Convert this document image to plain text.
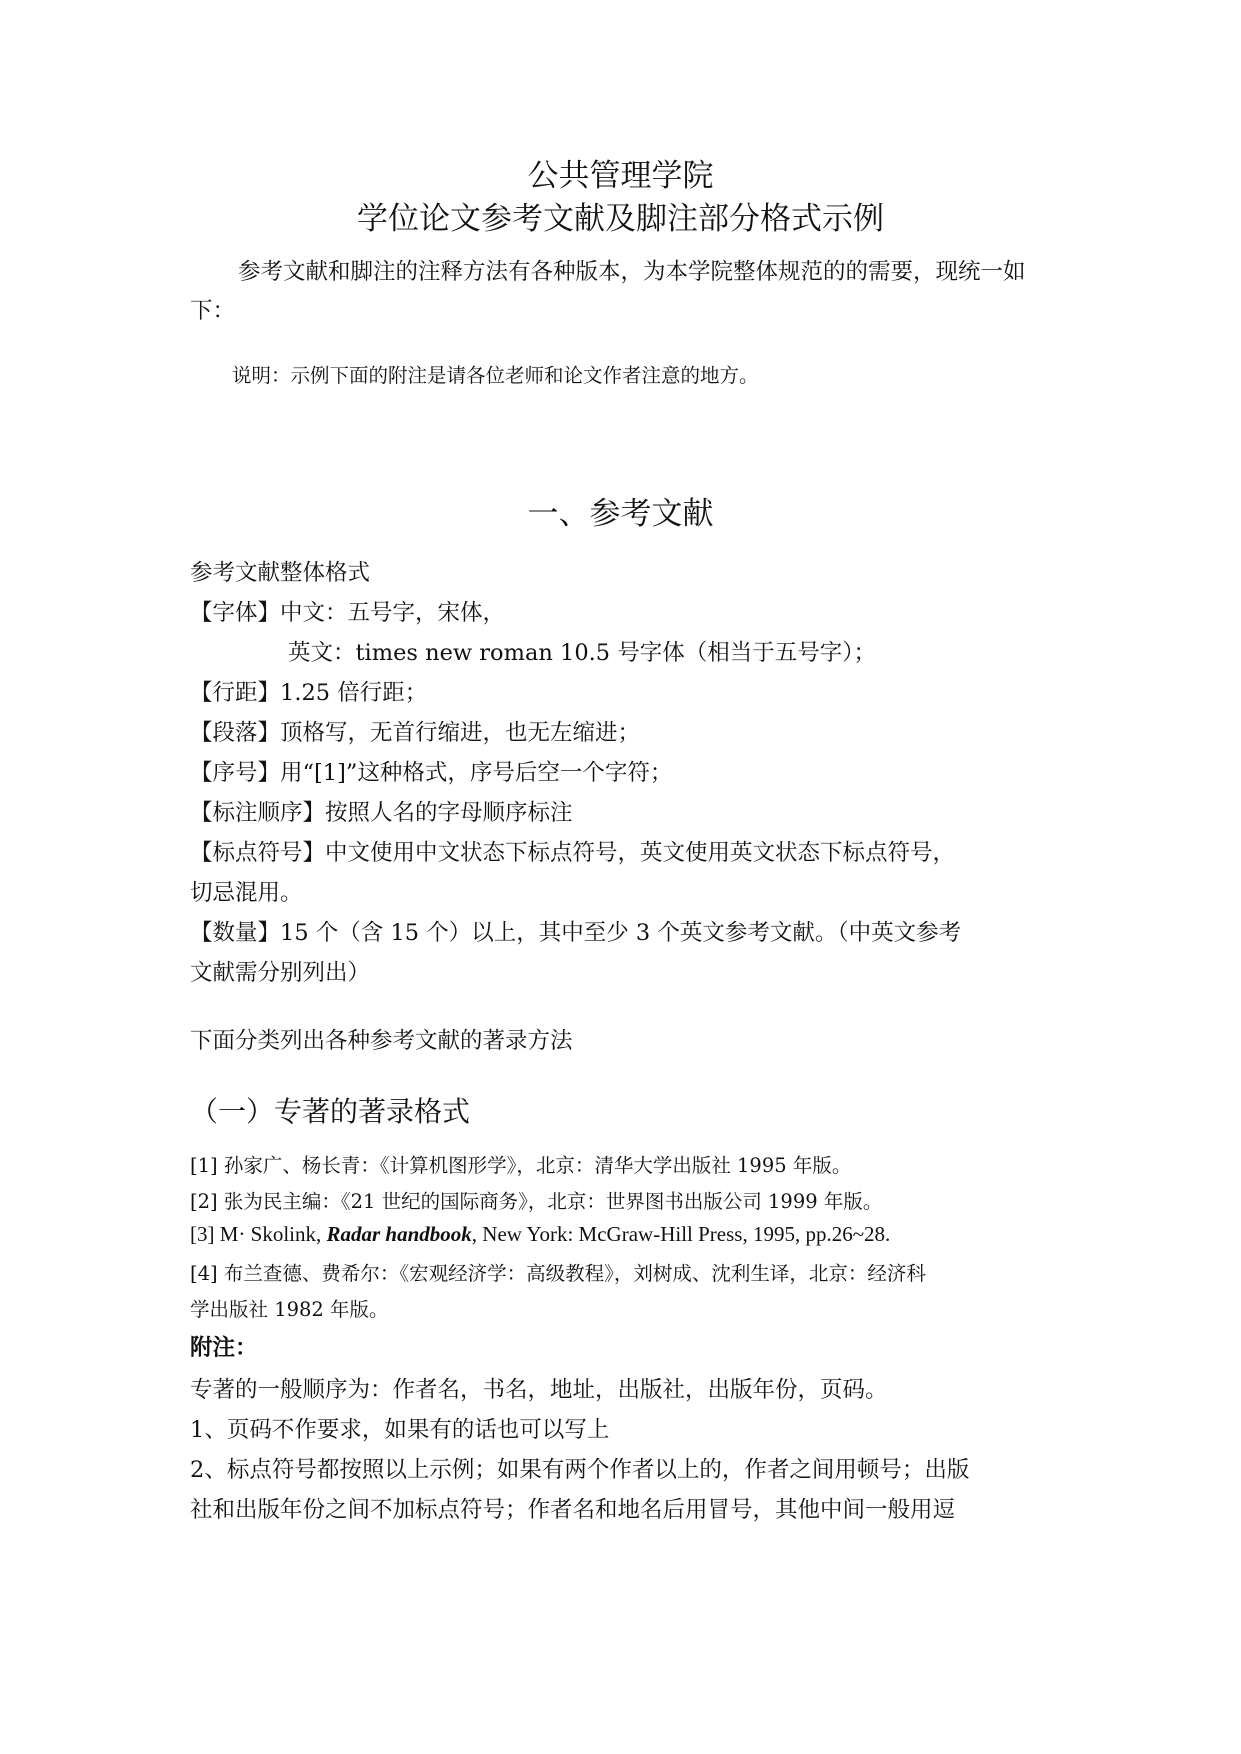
公共管理学院
学位论文参考文献及脚注部分格式示例
参考文献和脚注的注释方法有各种版本，为本学院整体规范的的需要，现统一如下：
说明：示例下面的附注是请各位老师和论文作者注意的地方。
一、参考文献
参考文献整体格式
【字体】中文：五号字，宋体，
英文：times new roman 10.5 号字体（相当于五号字）；
【行距】1.25 倍行距；
【段落】顶格写，无首行缩进，也无左缩进；
【序号】用“[1]”这种格式，序号后空一个字符；
【标注顺序】按照人名的字母顺序标注
【标点符号】中文使用中文状态下标点符号，英文使用英文状态下标点符号，
切忌混用。
【数量】15 个（含 15 个）以上，其中至少 3 个英文参考文献。（中英文参考
文献需分别列出）
下面分类列出各种参考文献的著录方法
（一）专著的著录格式
[1] 孙家广、杨长青：《计算机图形学》，北京：清华大学出版社 1995 年版。
[2] 张为民主编：《21 世纪的国际商务》，北京：世界图书出版公司 1999 年版。
[3] M· Skolink, Radar handbook, New York: McGraw-Hill Press, 1995, pp.26~28.
[4] 布兰查德、费希尔：《宏观经济学：高级教程》，刘树成、沈利生译，北京：经济科
学出版社 1982 年版。
附注：
专著的一般顺序为：作者名，书名，地址，出版社，出版年份，页码。
1、页码不作要求，如果有的话也可以写上
2、标点符号都按照以上示例；如果有两个作者以上的，作者之间用顿号；出版
社和出版年份之间不加标点符号；作者名和地名后用冒号，其他中间一般用逗
